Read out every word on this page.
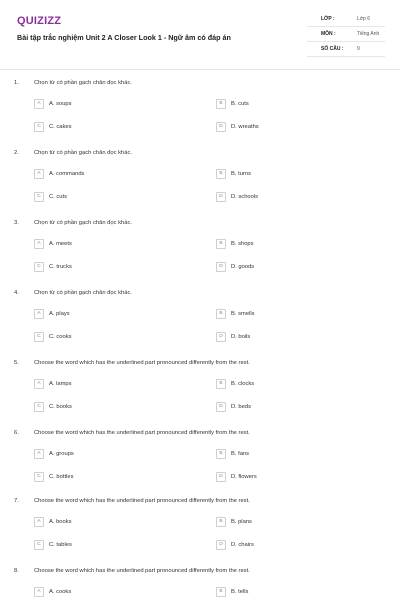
QUIZIZZ
Bài tập trắc nghiệm Unit 2 A Closer Look 1 - Ngữ âm có đáp án
LỚP :	Lớp 6
MÔN :	Tiếng Anh
SỐ CÂU :	9
1.	Chọn từ có phần gạch chân đọc khác.
A	A. soups	B	B. cuts
C	C. cakes	D	D. wreaths
2.	Chọn từ có phần gạch chân đọc khác.
A	A. commands	B	B. turns
C	C. cuts	D	D. schools
3.	Chọn từ có phần gạch chân đọc khác.
A	A. meets	B	B. shops
C	C. trucks	D	D. goods
4.	Chọn từ có phần gạch chân đọc khác.
A	A. plays	B	B. smells
C	C. cooks	D	D. boils
5.	Choose the word which has the underlined part pronounced differently from the rest.
A	A. lamps	B	B. clocks
C	C. books	D	D. beds
6.	Choose the word which has the underlined part pronounced differently from the rest.
A	A. groups	B	B. fans
C	C. bottles	D	D. flowers
7.	Choose the word which has the underlined part pronounced differently from the rest.
A	A. books	B	B. plans
C	C. tables	D	D. chairs
8.	Choose the word which has the underlined part pronounced differently from the rest.
A	A. cooks	B	B. tells
